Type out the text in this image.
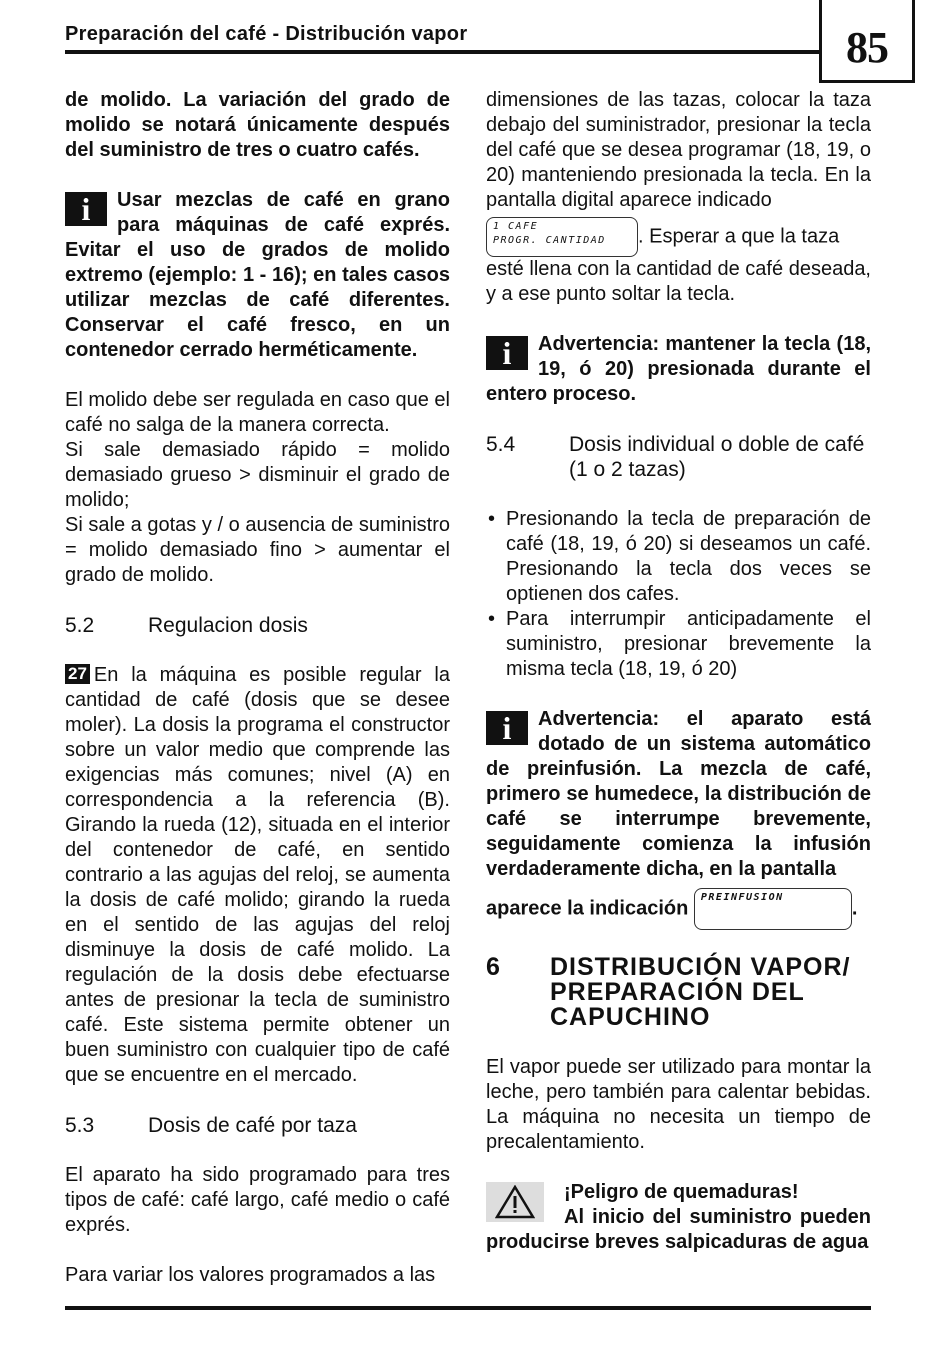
Preparación del café - Distribución vapor	85

de molido. La variación del grado de molido se notará únicamente después del suministro de tres o cuatro cafés.

i	Usar mezclas de café en grano para máquinas de café exprés. Evitar el uso de grados de molido extremo (ejemplo: 1 - 16); en tales casos utilizar mezclas de café diferentes. Conservar el café fresco, en un contenedor cerrado herméticamente.

El molido debe ser regulada en caso que el café no salga de la manera correcta.

Si sale demasiado rápido = molido demasiado grueso > disminuir el grado de molido;

Si sale a gotas y / o ausencia de suministro = molido demasiado fino > aumentar el grado de molido.

5.2	Regulacion dosis

27 En la máquina es posible regular la cantidad de café (dosis que se desee moler). La dosis la programa el constructor sobre un valor medio que comprende las exigencias más comunes; nivel (A) en correspondencia a la referencia (B). Girando la rueda (12), situada en el interior del contenedor de café, en sentido contrario a las agujas del reloj, se aumenta la dosis de café molido; girando la rueda en el sentido de las agujas del reloj disminuye la dosis de café molido. La regulación de la dosis debe efectuarse antes de presionar la tecla de suministro café. Este sistema permite obtener un buen suministro con cualquier tipo de café que se encuentre en el mercado.

5.3	Dosis de café por taza

El aparato ha sido programado para tres tipos de café: café largo, café medio o café exprés.

Para variar los valores programados a las

dimensiones de las tazas, colocar la taza debajo del suministrador, presionar la tecla del café que se desea programar (18, 19, o 20) manteniendo presionada la tecla. En la pantalla digital aparece indicado

1 CAFE
PROGR. CANTIDAD . Esperar a que la taza

esté llena con la cantidad de café deseada, y a ese punto soltar la tecla.

i	Advertencia: mantener la tecla (18, 19, ó 20) presionada durante el entero proceso.

5.4	Dosis individual o doble de café (1 o 2 tazas)
• Presionando la tecla de preparación de café (18, 19, ó 20) si deseamos un café. Presionando la tecla dos veces se optienen dos cafes.
• Para interrumpir anticipadamente el suministro, presionar brevemente la misma tecla (18, 19, ó 20)
i	Advertencia: el aparato está dotado de un sistema automático de preinfusión. La mezcla de café, primero se humedece, la distribución de café se interrumpe brevemente, seguidamente comienza la infusión verdaderamente dicha, en la pantalla

aparece la indicación PREINFUSION	.

6	DISTRIBUCIÓN VAPOR/ PREPARACIÓN DEL CAPUCHINO

El vapor puede ser utilizado para montar la leche, pero también para calentar bebidas. La máquina no necesita un tiempo de precalentamiento.

¡Peligro de quemaduras!

Al inicio del suministro pueden producirse breves salpicaduras de agua
